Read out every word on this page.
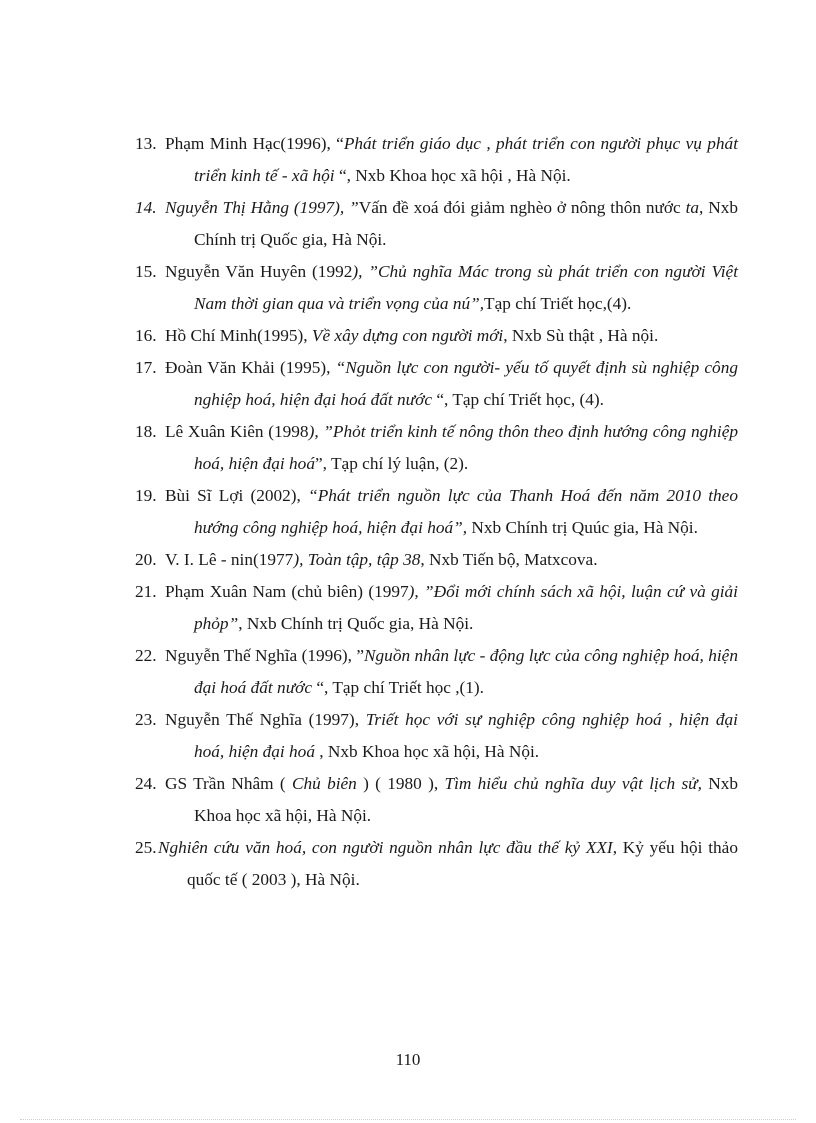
13. Phạm Minh Hạc(1996), “Phát triển giáo dục , phát triển con người phục vụ phát triển kinh tế - xã hội “, Nxb Khoa học xã hội , Hà Nội.
14. Nguyễn Thị Hằng (1997), ”Vấn đề xoá đói giảm nghèo ở nông thôn nước ta, Nxb Chính trị Quốc gia, Hà Nội.
15. Nguyễn Văn Huyên (1992), ”Chủ nghĩa Mác trong sù phát triển con người Việt Nam thời gian qua và triển vọng của nú”,Tạp chí Triết học,(4).
16. Hồ Chí Minh(1995), Về xây dựng con người mới, Nxb Sù thật , Hà nội.
17. Đoàn Văn Khải (1995), “Nguồn lực con người- yếu tố quyết định sù nghiệp công nghiệp hoá, hiện đại hoá đất nước “, Tạp chí Triết học, (4).
18. Lê Xuân Kiên (1998), ”Phỏt triển kinh tế nông thôn theo định hướng công nghiệp hoá, hiện đại hoá”, Tạp chí lý luận, (2).
19. Bùi Sĩ Lợi (2002), “Phát triển nguồn lực của Thanh Hoá đến năm 2010 theo hướng công nghiệp hoá, hiện đại hoá”, Nxb Chính trị Quúc gia, Hà Nội.
20. V. I. Lê - nin(1977), Toàn tập, tập 38, Nxb Tiến bộ, Matxcova.
21. Phạm Xuân Nam (chủ biên) (1997), ”Đổi mới chính sách xã hội, luận cứ và giải phỏp”, Nxb Chính trị Quốc gia, Hà Nội.
22. Nguyễn Thế Nghĩa (1996), ”Nguồn nhân lực - động lực của công nghiệp hoá, hiện đại hoá đất nước “, Tạp chí Triết học ,(1).
23. Nguyễn Thế Nghĩa (1997), Triết học với sự nghiệp công nghiệp hoá , hiện đại hoá, hiện đại hoá , Nxb Khoa học xã hội, Hà Nội.
24. GS Trần Nhâm ( Chủ biên ) ( 1980 ), Tìm hiểu chủ nghĩa duy vật lịch sử, Nxb Khoa học xã hội, Hà Nội.
25. Nghiên cứu văn hoá, con người nguồn nhân lực đầu thế kỷ XXI, Kỷ yếu hội thảo quốc tế ( 2003 ), Hà Nội.
110
